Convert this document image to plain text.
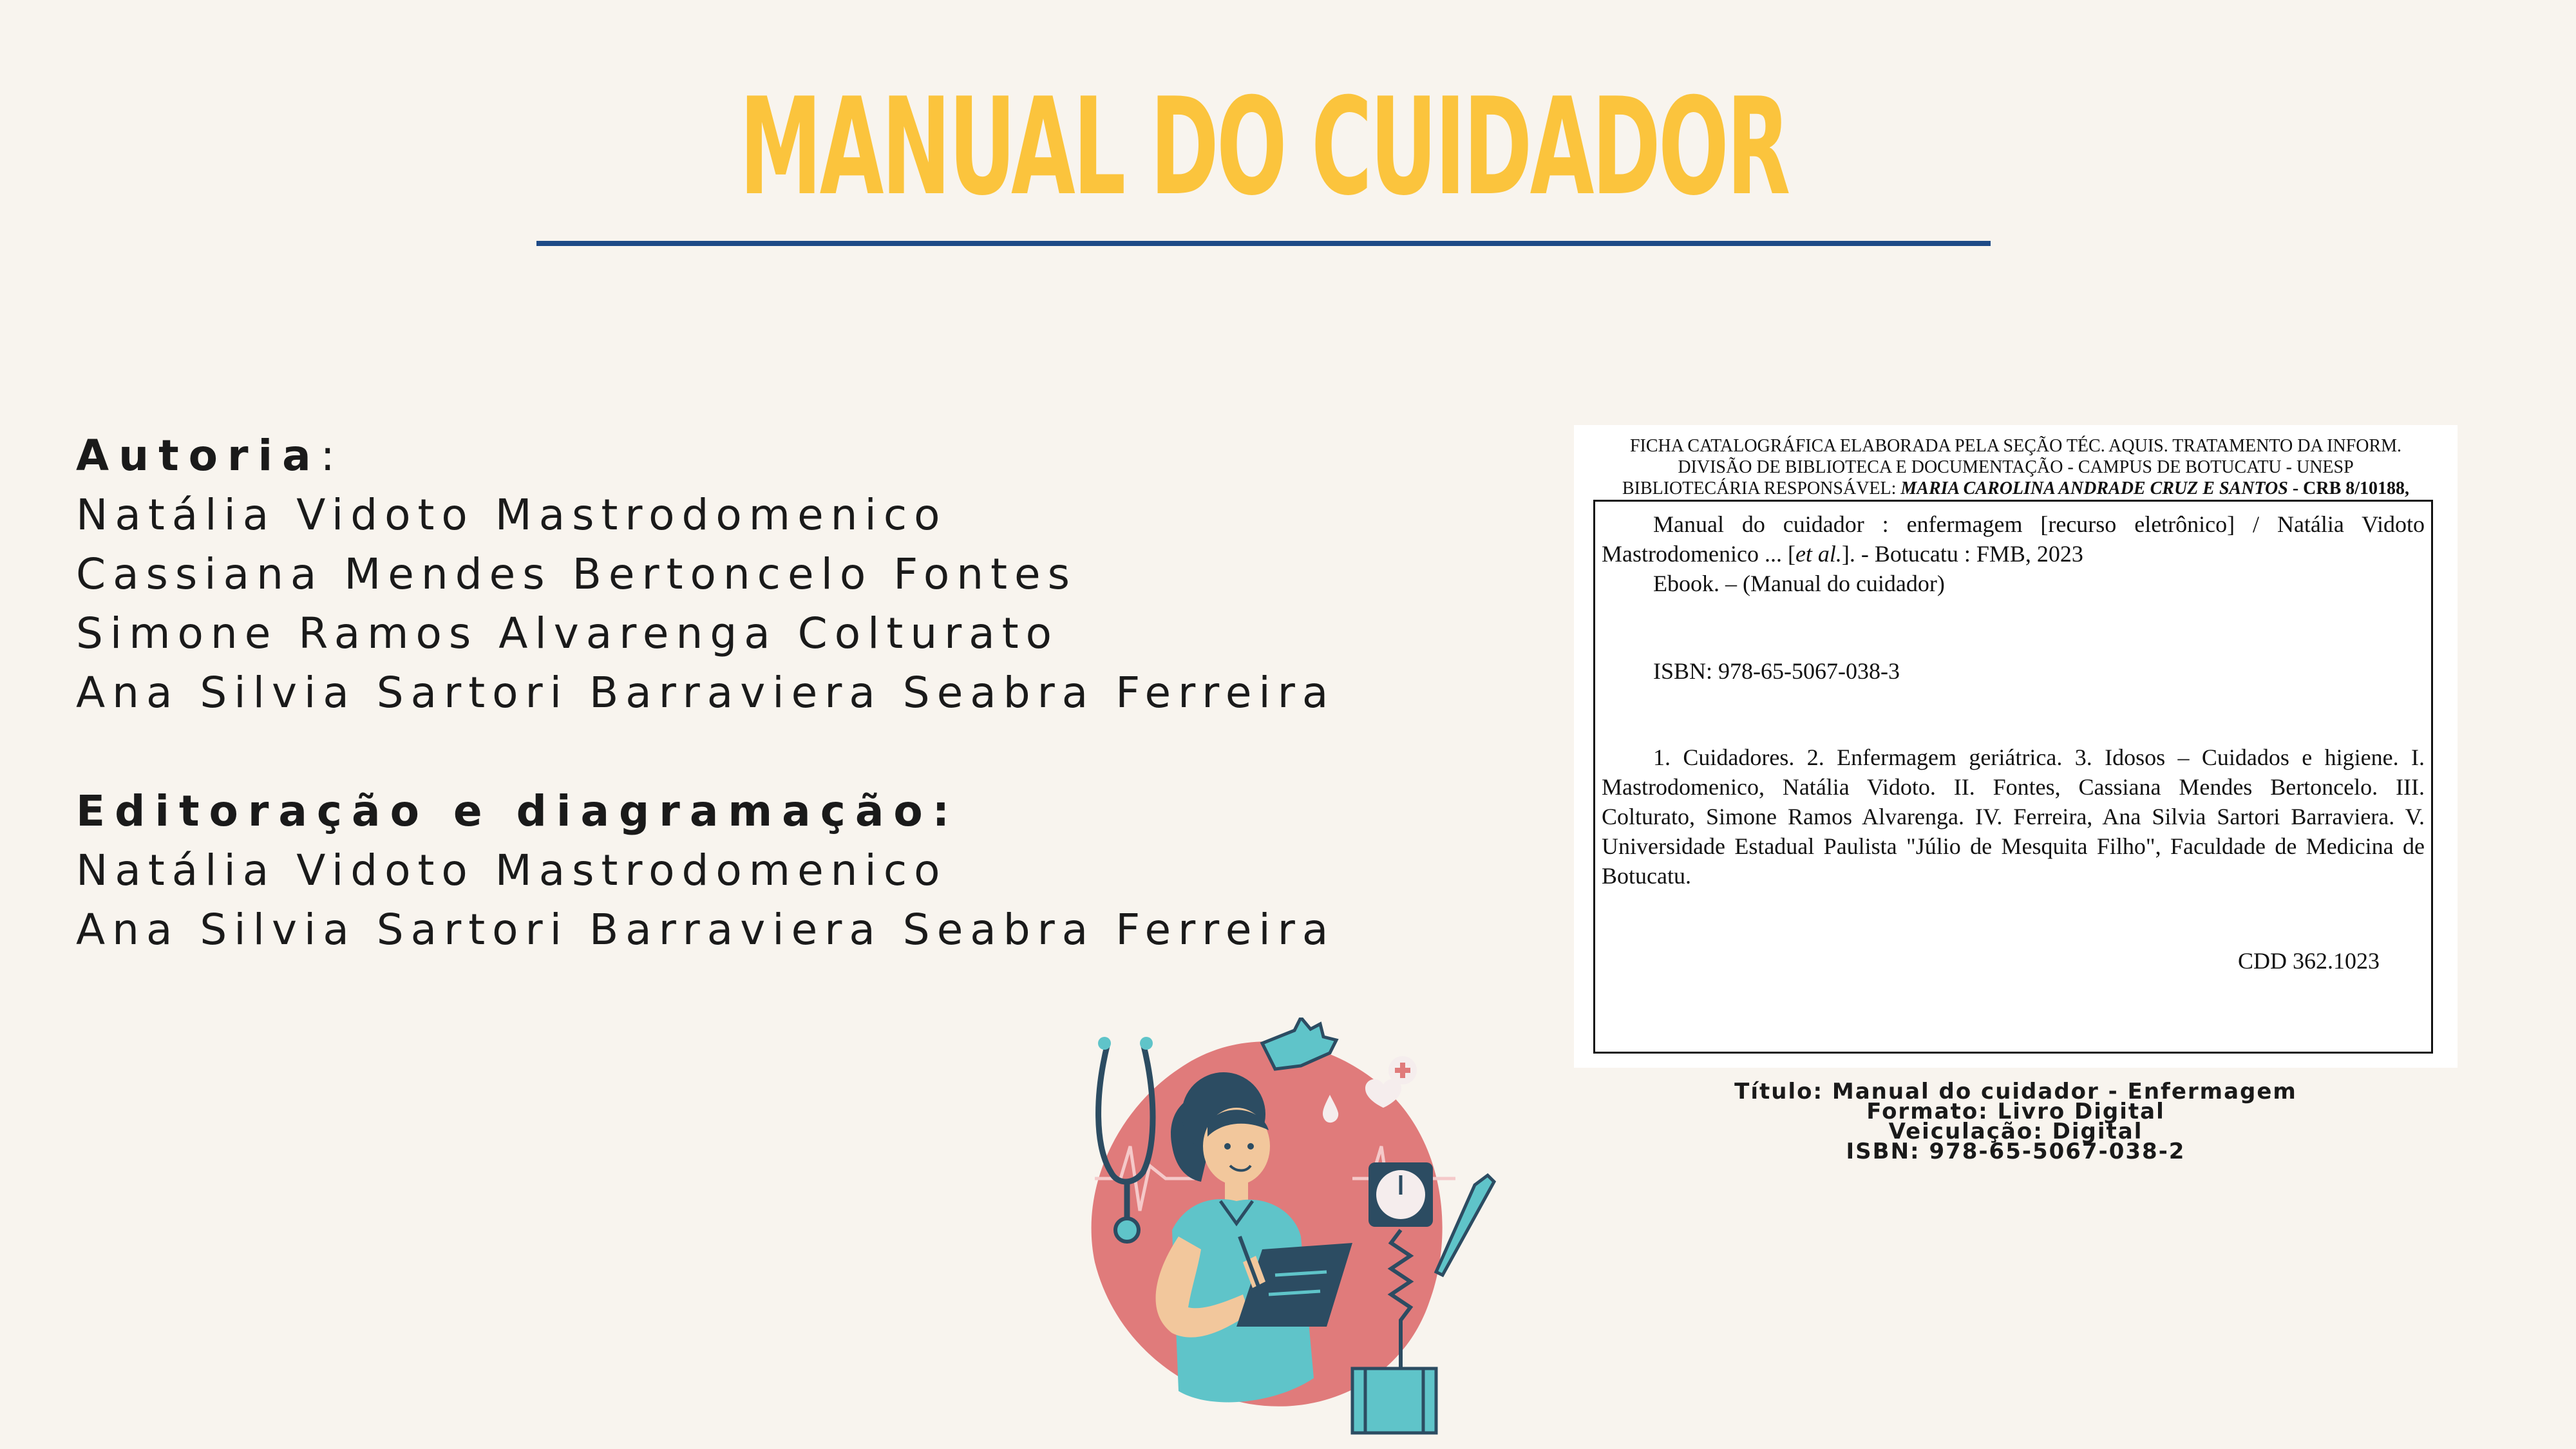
MANUAL DO CUIDADOR
Autoria:
Natália Vidoto Mastrodomenico
Cassiana Mendes Bertoncelo Fontes
Simone Ramos Alvarenga Colturato
Ana Silvia Sartori Barraviera Seabra Ferreira
Editoração e diagramação:
Natália Vidoto Mastrodomenico
Ana Silvia Sartori Barraviera Seabra Ferreira
FICHA CATALOGRÁFICA ELABORADA PELA SEÇÃO TÉC. AQUIS. TRATAMENTO DA INFORM.
DIVISÃO DE BIBLIOTECA E DOCUMENTAÇÃO - CAMPUS DE BOTUCATU - UNESP
BIBLIOTECÁRIA RESPONSÁVEL: MARIA CAROLINA ANDRADE CRUZ E SANTOS - CRB 8/10188,
Manual do cuidador : enfermagem [recurso eletrônico] / Natália Vidoto Mastrodomenico ... [et al.]. - Botucatu : FMB, 2023
Ebook. – (Manual do cuidador)
ISBN: 978-65-5067-038-3
1. Cuidadores. 2. Enfermagem geriátrica. 3. Idosos – Cuidados e higiene. I. Mastrodomenico, Natália Vidoto. II. Fontes, Cassiana Mendes Bertoncelo. III. Colturato, Simone Ramos Alvarenga. IV. Ferreira, Ana Silvia Sartori Barraviera. V. Universidade Estadual Paulista "Júlio de Mesquita Filho", Faculdade de Medicina de Botucatu.
CDD 362.1023
Título: Manual do cuidador - Enfermagem
Formato: Livro Digital
Veiculação: Digital
ISBN: 978-65-5067-038-2
